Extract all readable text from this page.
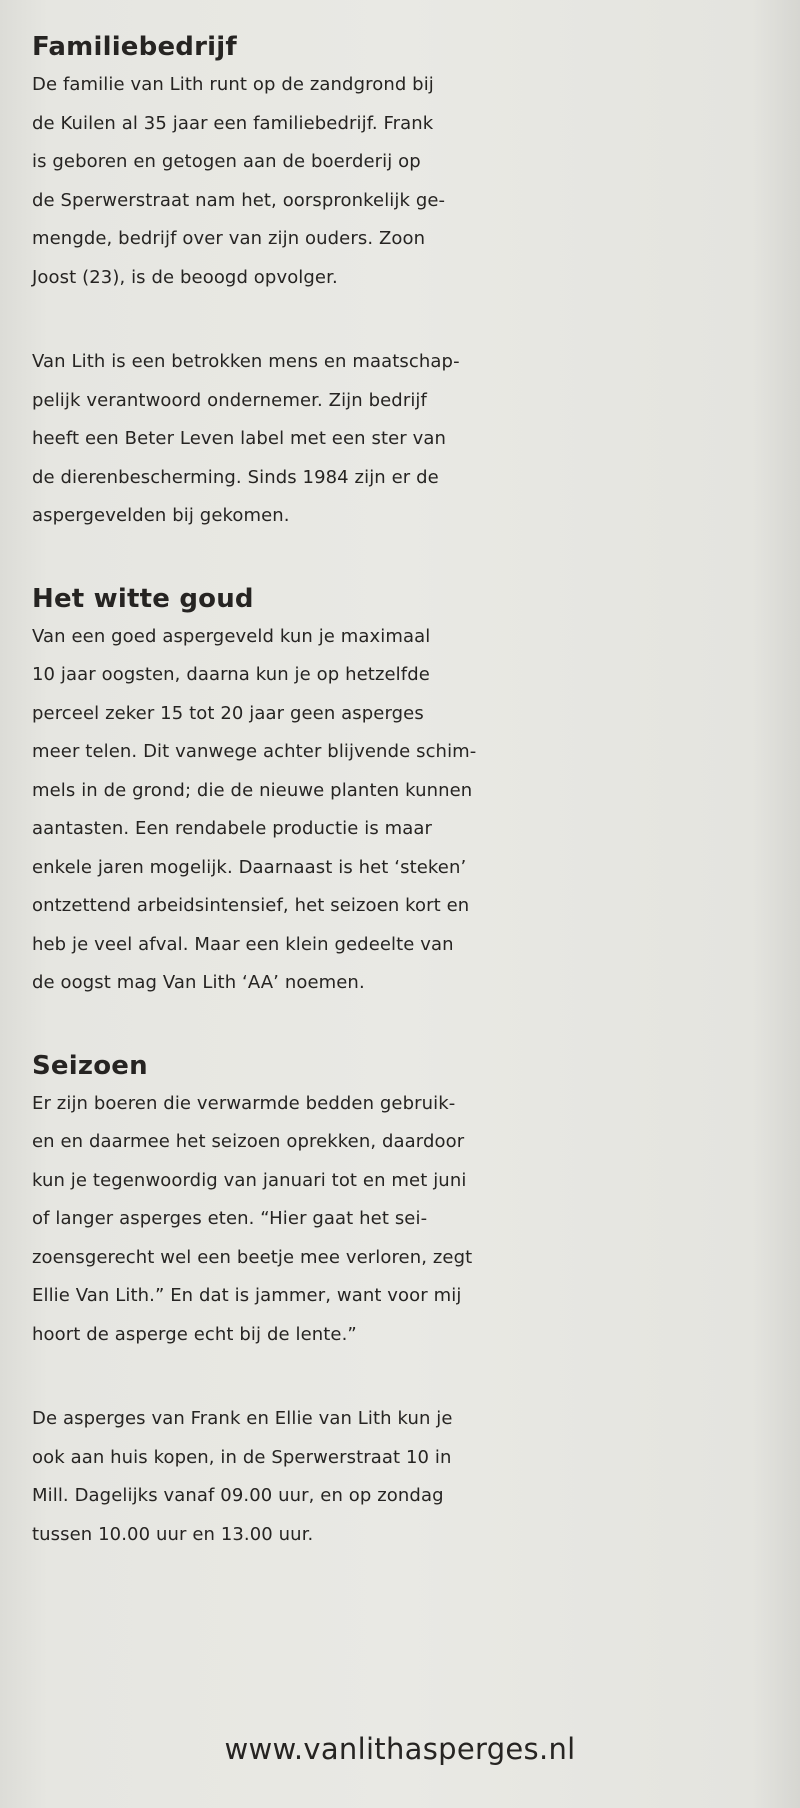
Familiebedrijf
De familie van Lith runt op de zandgrond bij
de Kuilen al 35 jaar een familiebedrijf. Frank
is geboren en getogen aan de boerderij op
de Sperwerstraat nam het, oorspronkelijk ge-
mengde, bedrijf over van zijn ouders. Zoon
Joost (23), is de beoogd opvolger.
Van Lith is een betrokken mens en maatschap-
pelijk verantwoord ondernemer. Zijn bedrijf
heeft een Beter Leven label met een ster van
de dierenbescherming. Sinds 1984 zijn er de
aspergevelden bij gekomen.
Het witte goud
Van een goed aspergeveld kun je maximaal
10 jaar oogsten, daarna kun je op hetzelfde
perceel zeker 15 tot 20 jaar geen asperges
meer telen. Dit vanwege achter blijvende schim-
mels in de grond; die de nieuwe planten kunnen
aantasten. Een rendabele productie is maar
enkele jaren mogelijk. Daarnaast is het ‘steken’
ontzettend arbeidsintensief, het seizoen kort en
heb je veel afval. Maar een klein gedeelte van
de oogst mag Van Lith ‘AA’ noemen.
Seizoen
Er zijn boeren die verwarmde bedden gebruik-
en en daarmee het seizoen oprekken, daardoor
kun je tegenwoordig van januari tot en met juni
of langer asperges eten. “Hier gaat het sei-
zoensgerecht wel een beetje mee verloren, zegt
Ellie Van Lith.” En dat is jammer, want voor mij
hoort de asperge echt bij de lente.”
De asperges van Frank en Ellie van Lith kun je
ook aan huis kopen, in de Sperwerstraat 10 in
Mill. Dagelijks vanaf 09.00 uur, en op zondag
tussen 10.00 uur en 13.00 uur.
www.vanlithasperges.nl
